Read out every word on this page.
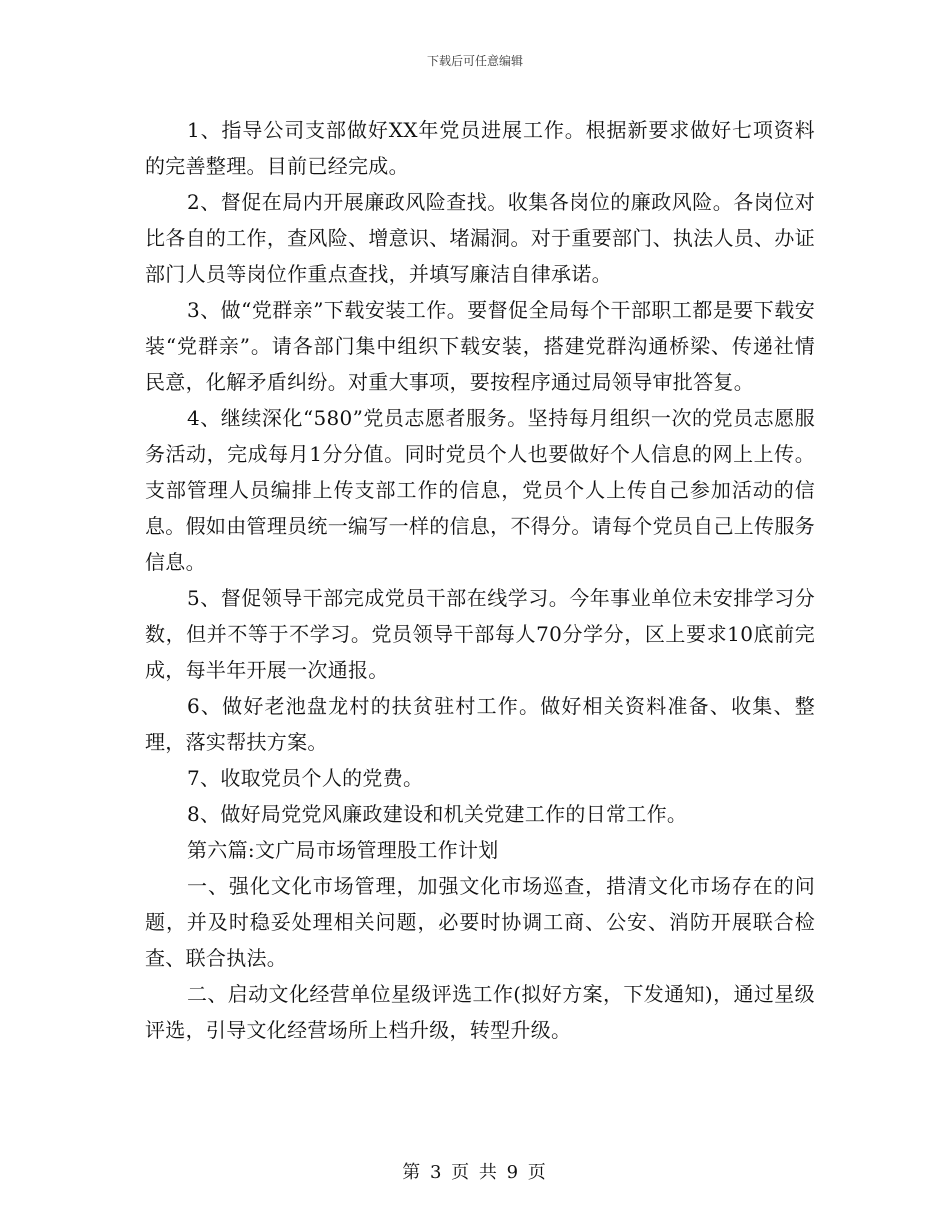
下载后可任意编辑

1、指导公司支部做好XX年党员进展工作。根据新要求做好七项资料的完善整理。目前已经完成。

2、督促在局内开展廉政风险查找。收集各岗位的廉政风险。各岗位对比各自的工作，查风险、增意识、堵漏洞。对于重要部门、执法人员、办证部门人员等岗位作重点查找，并填写廉洁自律承诺。

3、做“党群亲”下载安装工作。要督促全局每个干部职工都是要下载安装“党群亲”。请各部门集中组织下载安装，搭建党群沟通桥梁、传递社情民意，化解矛盾纠纷。对重大事项，要按程序通过局领导审批答复。

4、继续深化“580”党员志愿者服务。坚持每月组织一次的党员志愿服务活动，完成每月1分分值。同时党员个人也要做好个人信息的网上上传。支部管理人员编排上传支部工作的信息，党员个人上传自己参加活动的信息。假如由管理员统一编写一样的信息，不得分。请每个党员自己上传服务信息。

5、督促领导干部完成党员干部在线学习。今年事业单位未安排学习分数，但并不等于不学习。党员领导干部每人70分学分，区上要求10底前完成，每半年开展一次通报。

6、做好老池盘龙村的扶贫驻村工作。做好相关资料准备、收集、整理，落实帮扶方案。

7、收取党员个人的党费。

8、做好局党党风廉政建设和机关党建工作的日常工作。

第六篇:文广局市场管理股工作计划

一、强化文化市场管理，加强文化市场巡查，措清文化市场存在的问题，并及时稳妥处理相关问题，必要时协调工商、公安、消防开展联合检查、联合执法。

二、启动文化经营单位星级评选工作(拟好方案，下发通知)，通过星级评选，引导文化经营场所上档升级，转型升级。

第 3 页 共 9 页
